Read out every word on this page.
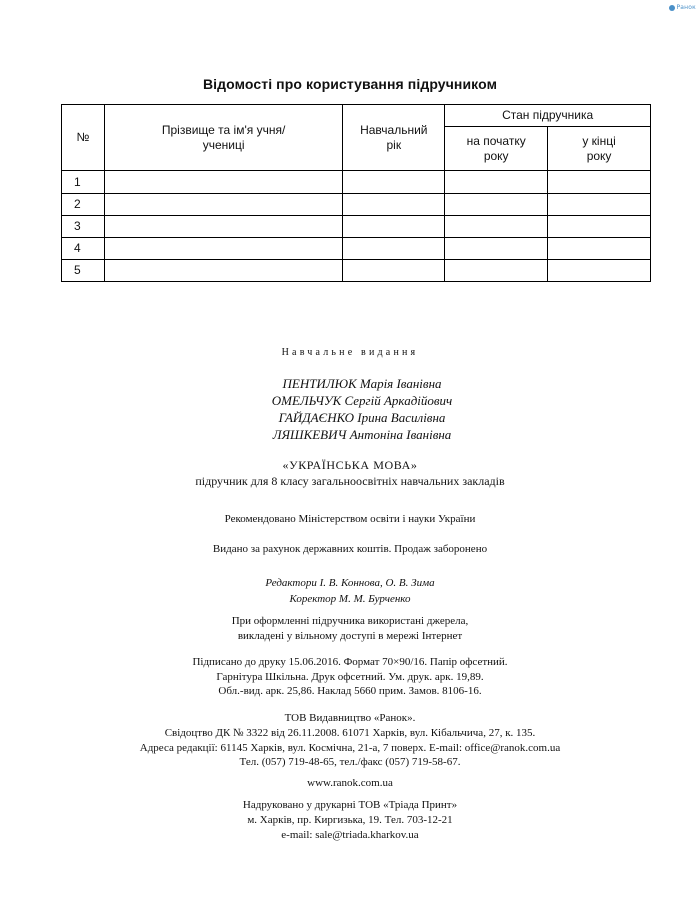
Ранок
Відомості про користування підручником
№	Прізвище та ім'я учня/учениці	Навчальний рік	Стан підручника	
			на початку року	у кінці року
1				
2				
3				
4				
5				
Навчальне видання
ПЕНТИЛЮК Марія Іванівна
ОМЕЛЬЧУК Сергій Аркадійович
ГАЙДАЄНКО Ірина Василівна
ЛЯШКЕВИЧ Антоніна Іванівна
«УКРАЇНСЬКА МОВА»
підручник для 8 класу загальноосвітніх навчальних закладів
Рекомендовано Міністерством освіти і науки України
Видано за рахунок державних коштів. Продаж заборонено
Редактори І. В. Коннова, О. В. Зима
Коректор М. М. Бурченко
При оформленні підручника використані джерела,
викладені у вільному доступі в мережі Інтернет
Підписано до друку 15.06.2016. Формат 70×90/16. Папір офсетний.
Гарнітура Шкільна. Друк офсетний. Ум. друк. арк. 19,89.
Обл.-вид. арк. 25,86. Наклад 5660 прим. Замов. 8106-16.
ТОВ Видавництво «Ранок».
Свідоцтво ДК № 3322 від 26.11.2008. 61071 Харків, вул. Кібальчича, 27, к. 135.
Адреса редакції: 61145 Харків, вул. Космічна, 21-а, 7 поверх. E-mail: office@ranok.com.ua
Тел. (057) 719-48-65, тел./факс (057) 719-58-67.
www.ranok.com.ua
Надруковано у друкарні ТОВ «Тріада Принт»
м. Харків, пр. Киргизька, 19. Тел. 703-12-21
e-mail: sale@triada.kharkov.ua
